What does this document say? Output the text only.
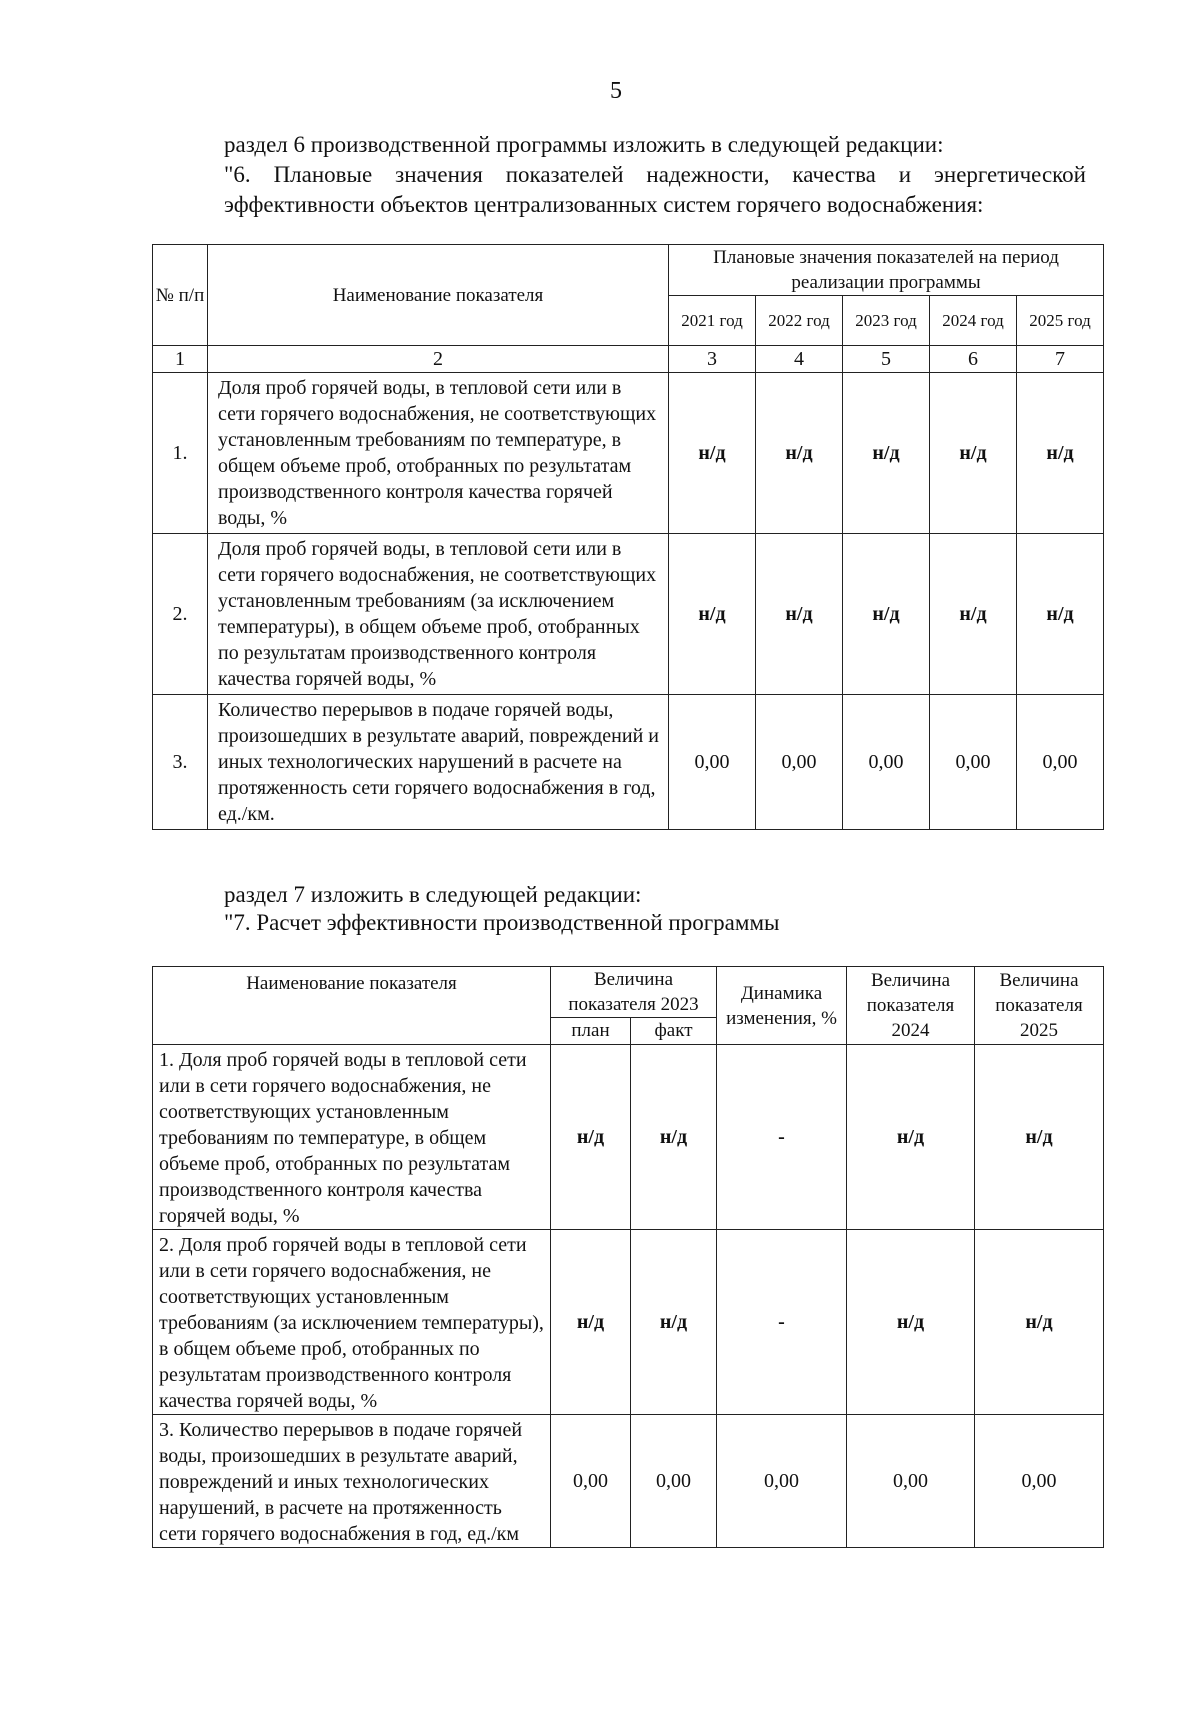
5
раздел 6 производственной программы изложить в следующей редакции:
"6. Плановые значения показателей надежности, качества и энергетической эффективности объектов централизованных систем горячего водоснабжения:
№ п/п	Наименование показателя	Плановые значения показателей на период реализации программы				
		2021 год	2022 год	2023 год	2024 год	2025 год
1	2	3	4	5	6	7
1.	Доля проб горячей воды, в тепловой сети или в сети горячего водоснабжения, не соответствующих установленным требованиям по температуре, в общем объеме проб, отобранных по результатам производственного контроля качества горячей воды, %	н/д	н/д	н/д	н/д	н/д
2.	Доля проб горячей воды, в тепловой сети или в сети горячего водоснабжения, не соответствующих установленным требованиям (за исключением температуры), в общем объеме проб, отобранных по результатам производственного контроля качества горячей воды, %	н/д	н/д	н/д	н/д	н/д
3.	Количество перерывов в подаче горячей воды, произошедших в результате аварий, повреждений и иных технологических нарушений в расчете на протяженность сети горячего водоснабжения в год, ед./км.	0,00	0,00	0,00	0,00	0,00
раздел 7 изложить в следующей редакции:
"7. Расчет эффективности производственной программы
Наименование показателя	Величина показателя 2023		Динамика изменения, %	Величина показателя 2024	Величина показателя 2025
	план	факт			
1. Доля проб горячей воды в тепловой сети или в сети горячего водоснабжения, не соответствующих установленным требованиям по температуре, в общем объеме проб, отобранных по результатам производственного контроля качества горячей воды, %	н/д	н/д	-	н/д	н/д
2. Доля проб горячей воды в тепловой сети или в сети горячего водоснабжения, не соответствующих установленным требованиям (за исключением температуры), в общем объеме проб, отобранных по результатам производственного контроля качества горячей воды, %	н/д	н/д	-	н/д	н/д
3. Количество перерывов в подаче горячей воды, произошедших в результате аварий, повреждений и иных технологических нарушений, в расчете на протяженность сети горячего водоснабжения в год, ед./км	0,00	0,00	0,00	0,00	0,00
